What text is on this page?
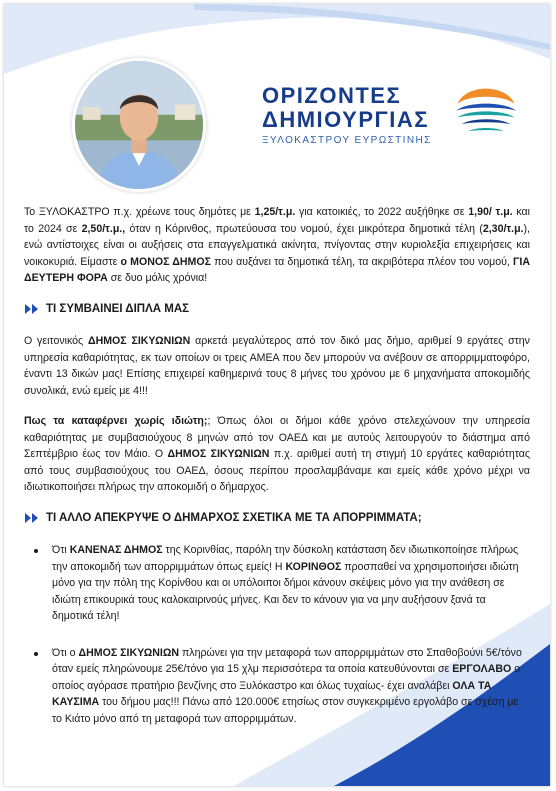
ΟΡΙΖΟΝΤΕΣ
ΔΗΜΙΟΥΡΓΙΑΣ
ΞΥΛΟΚΑΣΤΡΟΥ ΕΥΡΩΣΤΙΝΗΣ

Το ΞΥΛΟΚΑΣΤΡΟ π.χ. χρέωνε τους δημότες με 1,25/τ.μ. για κατοικιές, το 2022 αυξήθηκε σε 1,90/ τ.μ. και το 2024 σε 2,50/τ.μ., όταν η Κόρινθος, πρωτεύουσα του νομού, έχει μικρότερα δημοτικά τέλη (2,30/τ.μ.), ενώ αντίστοιχες είναι οι αυξήσεις στα επαγγελματικά ακίνητα, πνίγοντας στην κυριολεξία επιχειρήσεις και νοικοκυριά. Είμαστε ο ΜΟΝΟΣ ΔΗΜΟΣ που αυξάνει τα δημοτικά τέλη, τα ακριβότερα πλέον του νομού, ΓΙΑ ΔΕΥΤΕΡΗ ΦΟΡΑ σε δυο μόλις χρόνια!

ΤΙ ΣΥΜΒΑΙΝΕΙ ΔΙΠΛΑ ΜΑΣ

Ο γειτονικός ΔΗΜΟΣ ΣΙΚΥΩΝΙΩΝ αρκετά μεγαλύτερος από τον δικό μας δήμο, αριθμεί 9 εργάτες στην υπηρεσία καθαριότητας, εκ των οποίων οι τρεις ΑΜΕΑ που δεν μπορούν να ανέβουν σε απορριμματοφόρο, έναντι 13 δικών μας! Επίσης επιχειρεί καθημερινά τους 8 μήνες του χρόνου με 6 μηχανήματα αποκομιδής συνολικά, ενώ εμείς με 4!!!

Πως τα καταφέρνει χωρίς ιδιώτη;; Όπως όλοι οι δήμοι κάθε χρόνο στελεχώνουν την υπηρεσία καθαριότητας με συμβασιούχους 8 μηνών από τον ΟΑΕΔ και με αυτούς λειτουργούν το διάστημα από Σεπτέμβριο έως τον Μάιο. Ο ΔΗΜΟΣ ΣΙΚΥΩΝΙΩΝ π.χ. αριθμεί αυτή τη στιγμή 10 εργάτες καθαριότητας από τους συμβασιούχους του ΟΑΕΔ, όσους περίπου προσλαμβάναμε και εμείς κάθε χρόνο μέχρι να ιδιωτικοποιήσει πλήρως την αποκομιδή ο δήμαρχος.

ΤΙ ΑΛΛΟ ΑΠΕΚΡΥΨΕ Ο ΔΗΜΑΡΧΟΣ ΣΧΕΤΙΚΑ ΜΕ ΤΑ ΑΠΟΡΡΙΜΜΑΤΑ;
Ότι ΚΑΝΕΝΑΣ ΔΗΜΟΣ της Κορινθίας, παρόλη την δύσκολη κατάσταση δεν ιδιωτικοποίησε πλήρως την αποκομιδή των απορριμμάτων όπως εμείς! Η ΚΟΡΙΝΘΟΣ προσπαθεί να χρησιμοποιήσει ιδιώτη μόνο για την πόλη της Κορίνθου και οι υπόλοιποι δήμοι κάνουν σκέψεις μόνο για την ανάθεση σε ιδιώτη επικουρικά τους καλοκαιρινούς μήνες. Και δεν το κάνουν για να μην αυξήσουν ξανά τα δημοτικά τέλη!
Ότι ο ΔΗΜΟΣ ΣΙΚΥΩΝΙΩΝ πληρώνει για την μεταφορά των απορριμμάτων στο Σπαθοβούνι 5€/τόνο όταν εμείς πληρώνουμε 25€/τόνο για 15 χλμ περισσότερα τα οποία κατευθύνονται σε ΕΡΓΟΛΑΒΟ ο οποίος αγόρασε πρατήριο βενζίνης στο Ξυλόκαστρο και όλως τυχαίως- έχει αναλάβει ΟΛΑ ΤΑ ΚΑΥΣΙΜΑ του δήμου μας!!! Πάνω από 120.000€ ετησίως στον συγκεκριμένο εργολάβο σε σχέση με το Κιάτο μόνο από τη μεταφορά των απορριμμάτων.
